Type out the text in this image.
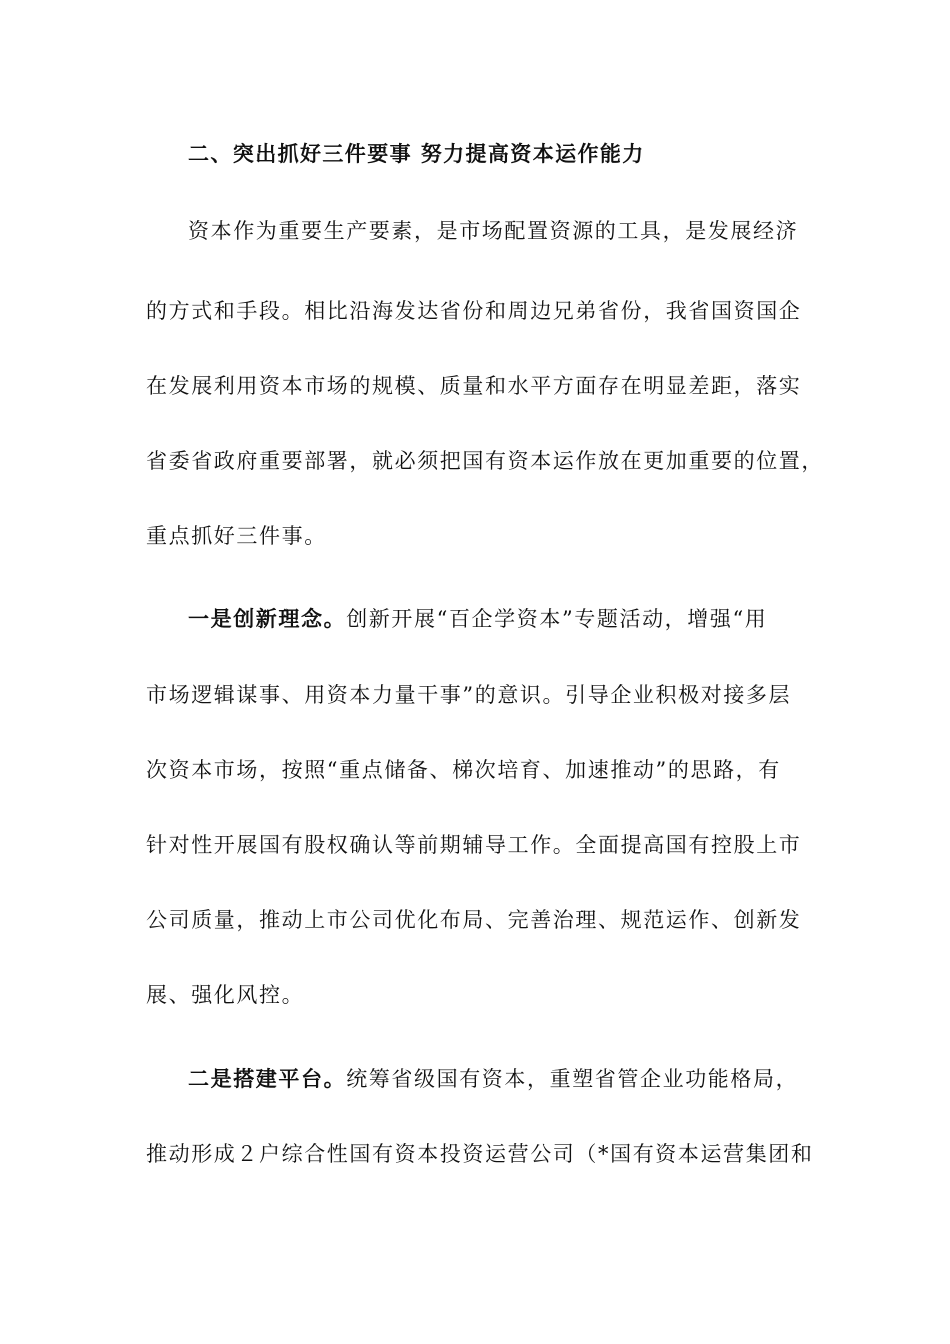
二、突出抓好三件要事 努力提高资本运作能力
资本作为重要生产要素，是市场配置资源的工具，是发展经济
的方式和手段。相比沿海发达省份和周边兄弟省份，我省国资国企
在发展利用资本市场的规模、质量和水平方面存在明显差距，落实
省委省政府重要部署，就必须把国有资本运作放在更加重要的位置，
重点抓好三件事。
一是创新理念。创新开展“百企学资本”专题活动，增强“用
市场逻辑谋事、用资本力量干事”的意识。引导企业积极对接多层
次资本市场，按照“重点储备、梯次培育、加速推动”的思路，有
针对性开展国有股权确认等前期辅导工作。全面提高国有控股上市
公司质量，推动上市公司优化布局、完善治理、规范运作、创新发
展、强化风控。
二是搭建平台。统筹省级国有资本，重塑省管企业功能格局，
推动形成２户综合性国有资本投资运营公司（*国有资本运营集团和
